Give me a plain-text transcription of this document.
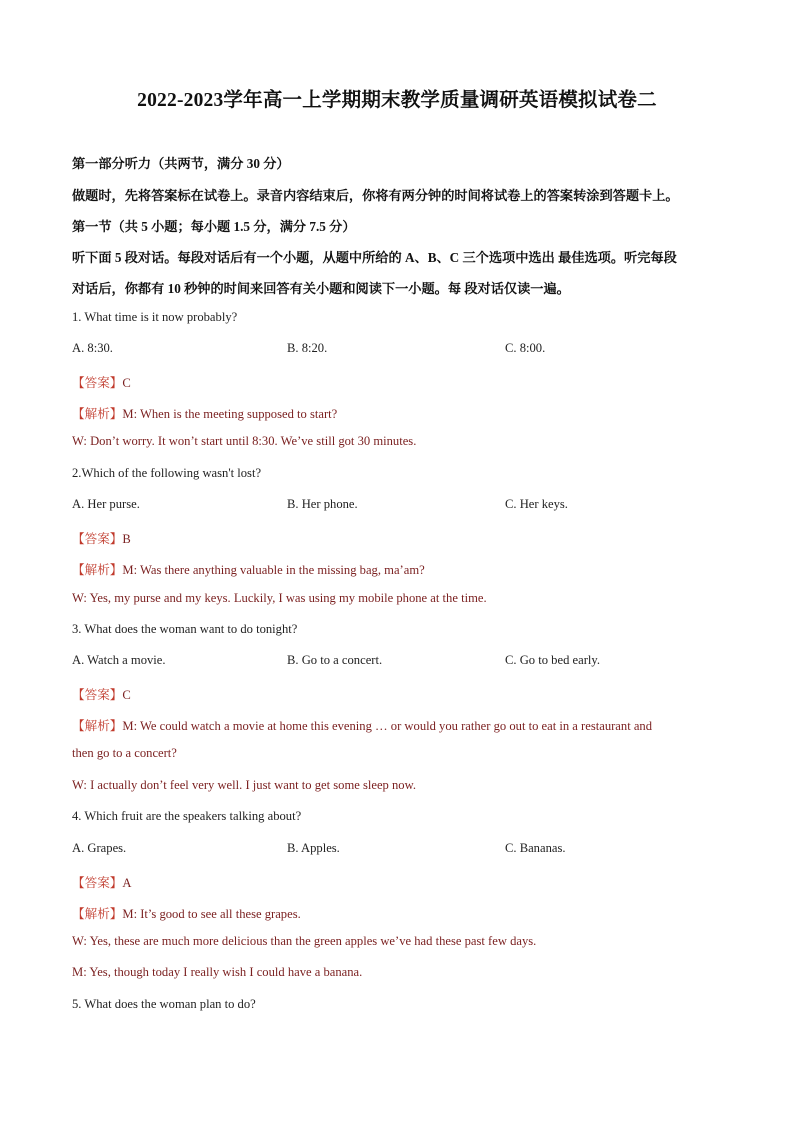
2022-2023学年高一上学期期末教学质量调研英语模拟试卷二
第一部分听力（共两节，满分 30 分）
做题时，先将答案标在试卷上。录音内容结束后，你将有两分钟的时间将试卷上的答案转涂到答题卡上。
第一节（共 5 小题；每小题 1.5 分，满分 7.5 分）
听下面 5 段对话。每段对话后有一个小题，从题中所给的 A、B、C 三个选项中选出 最佳选项。听完每段
对话后，你都有 10 秒钟的时间来回答有关小题和阅读下一小题。每 段对话仅读一遍。
1. What time is it now probably?
A. 8:30.	B. 8:20.	C. 8:00.
【答案】C
【解析】M: When is the meeting supposed to start?
W: Don’t worry. It won’t start until 8:30. We’ve still got 30 minutes.
2.Which of the following wasn't lost?
A. Her purse.	B. Her phone.	C. Her keys.
【答案】B
【解析】M: Was there anything valuable in the missing bag, ma’am?
W: Yes, my purse and my keys. Luckily, I was using my mobile phone at the time.
3. What does the woman want to do tonight?
A. Watch a movie.	B. Go to a concert.	C. Go to bed early.
【答案】C
【解析】M: We could watch a movie at home this evening … or would you rather go out to eat in a restaurant and
then go to a concert?
W: I actually don’t feel very well. I just want to get some sleep now.
4. Which fruit are the speakers talking about?
A. Grapes.	B. Apples.	C. Bananas.
【答案】A
【解析】M: It’s good to see all these grapes.
W: Yes, these are much more delicious than the green apples we’ve had these past few days.
M: Yes, though today I really wish I could have a banana.
5. What does the woman plan to do?
